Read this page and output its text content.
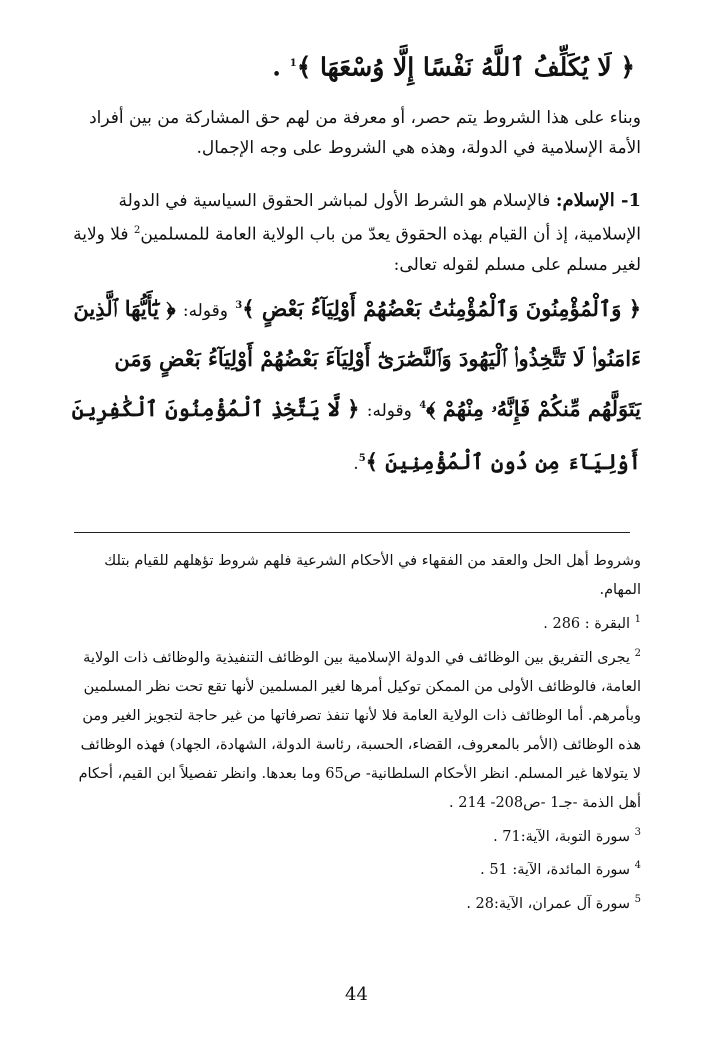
﴿ لَا يُكَلِّفُ ٱللَّهُ نَفْسًا إِلَّا وُسْعَهَا ﴾$^1$ .
وبناء على هذا الشروط يتم حصر، أو معرفة من لهم حق المشاركة من بين أفراد الأمة الإسلامية في الدولة، وهذه هي الشروط على وجه الإجمال.
1- الإسلام: فالإسلام هو الشرط الأول لمباشر الحقوق السياسية في الدولة الإسلامية، إذ أن القيام بهذه الحقوق يعدّ من باب الولاية العامة للمسلمين$^2$ فلا ولاية لغير مسلم على مسلم لقوله تعالى:
﴿ وَٱلْمُؤْمِنُونَ وَٱلْمُؤْمِنَٰتُ بَعْضُهُمْ أَوْلِيَآءُ بَعْضٍ ﴾$^3$ وقوله: ﴿ يَٰٓأَيُّهَا ٱلَّذِينَ ءَامَنُوا۟ لَا تَتَّخِذُوا۟ ٱلْيَهُودَ وَٱلنَّصَٰرَىٰٓ أَوْلِيَآءَ بَعْضُهُمْ أَوْلِيَآءُ بَعْضٍ وَمَن يَتَوَلَّهُم مِّنكُمْ فَإِنَّهُۥ مِنْهُمْ ﴾$^4$ وقوله: ﴿ لَّا يَتَّخِذِ ٱلْمُؤْمِنُونَ ٱلْكَٰفِرِينَ أَوْلِيَآءَ مِن دُونِ ٱلْمُؤْمِنِينَ ﴾$^5$.

وشروط أهل الحل والعقد من الفقهاء في الأحكام الشرعية فلهم شروط تؤهلهم للقيام بتلك المهام.

$^1$ البقرة : 286 .

$^2$ يجرى التفريق بين الوظائف في الدولة الإسلامية بين الوظائف التنفيذية والوظائف ذات الولاية العامة، فالوظائف الأولى من الممكن توكيل أمرها لغير المسلمين لأنها تقع تحت نظر المسلمين وبأمرهم. أما الوظائف ذات الولاية العامة فلا لأنها تنفذ تصرفاتها من غير حاجة لتجويز الغير ومن هذه الوظائف (الأمر بالمعروف، القضاء، الحسبة، رئاسة الدولة، الشهادة، الجهاد) فهذه الوظائف لا يتولاها غير المسلم. انظر الأحكام السلطانية- ص65 وما بعدها. وانظر تفصيلاً ابن القيم، أحكام أهل الذمة -جـ1 -ص208- 214 .

$^3$ سورة التوبة، الآية:71 .

$^4$ سورة المائدة، الآية: 51 .

$^5$ سورة آل عمران، الآية:28 .

44
